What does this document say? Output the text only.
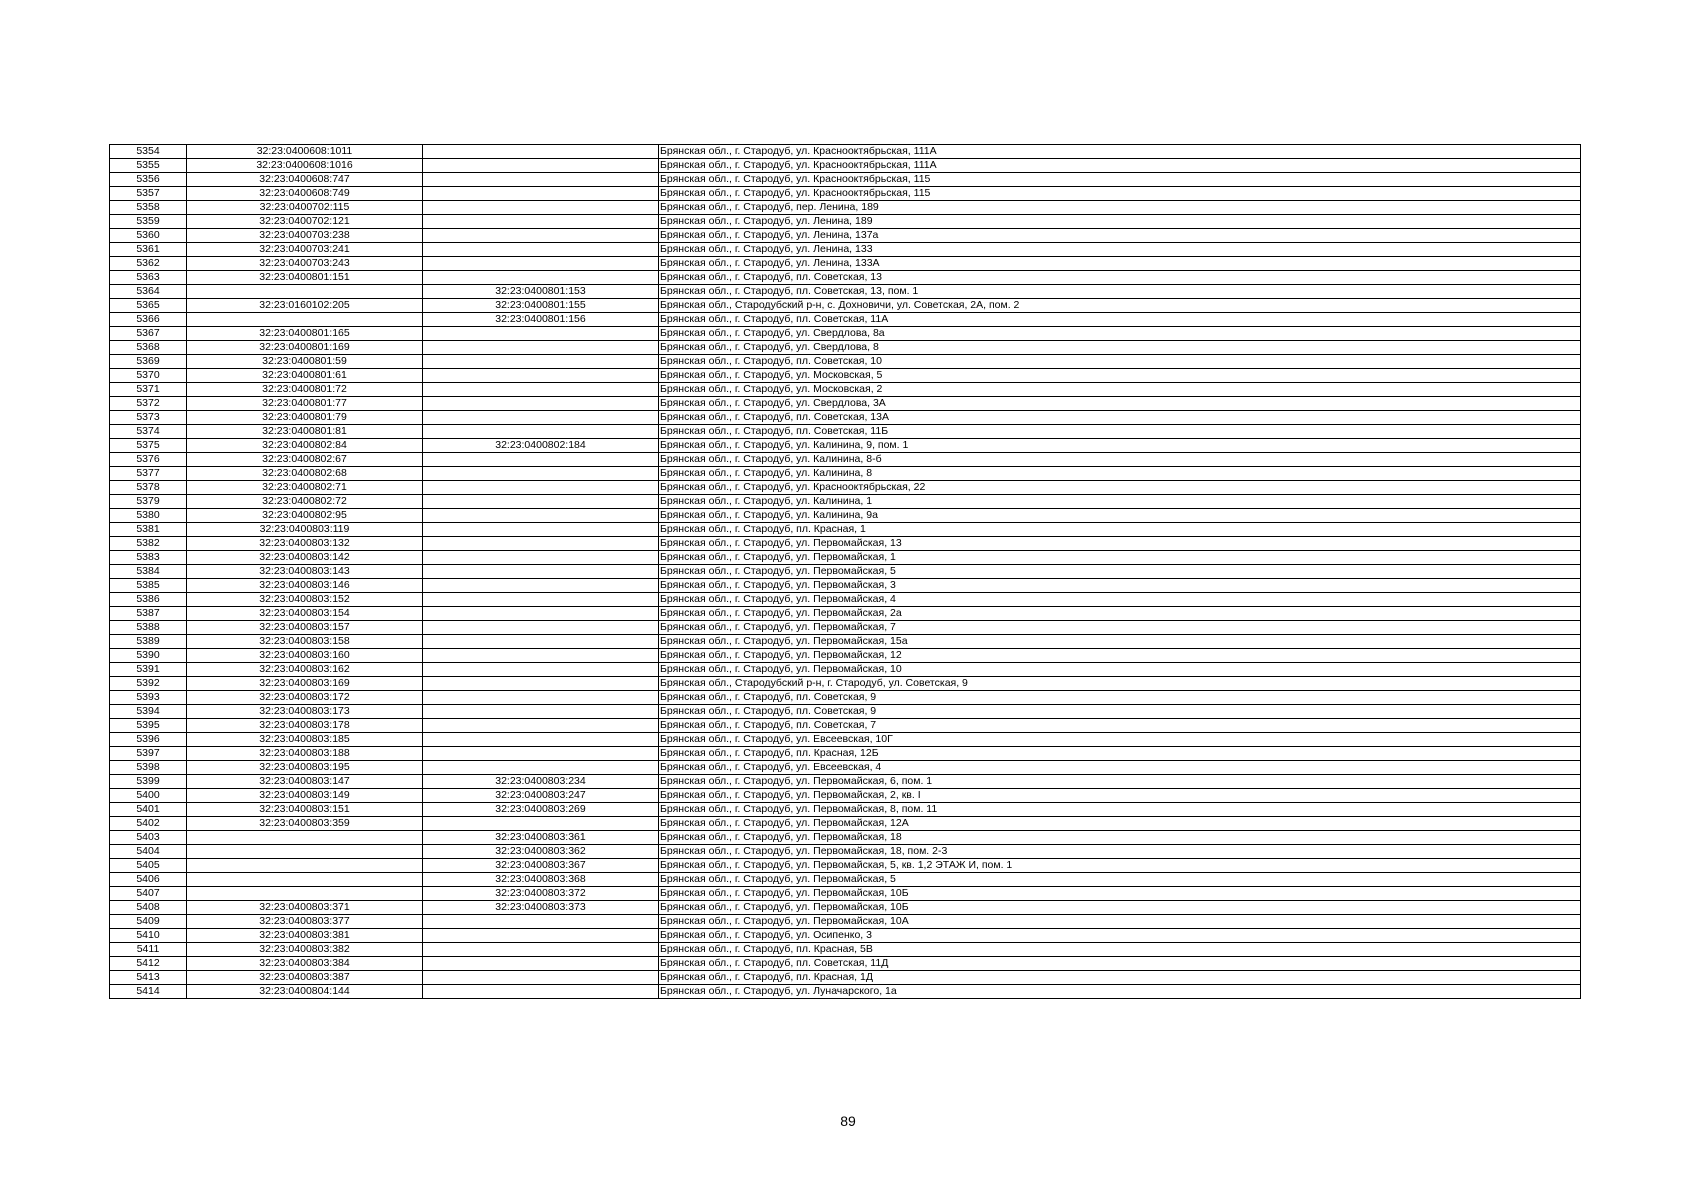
5354	32:23:0400608:1011		Брянская обл., г. Стародуб, ул. Краснооктябрьская, 111А
5355	32:23:0400608:1016		Брянская обл., г. Стародуб, ул. Краснооктябрьская, 111А
5356	32:23:0400608:747		Брянская обл., г. Стародуб, ул. Краснооктябрьская, 115
5357	32:23:0400608:749		Брянская обл., г. Стародуб, ул. Краснооктябрьская, 115
5358	32:23:0400702:115		Брянская обл., г. Стародуб, пер. Ленина, 189
5359	32:23:0400702:121		Брянская обл., г. Стародуб, ул. Ленина, 189
5360	32:23:0400703:238		Брянская обл., г. Стародуб, ул. Ленина, 137а
5361	32:23:0400703:241		Брянская обл., г. Стародуб, ул. Ленина, 133
5362	32:23:0400703:243		Брянская обл., г. Стародуб, ул. Ленина, 133А
5363	32:23:0400801:151		Брянская обл., г. Стародуб, пл. Советская, 13
5364		32:23:0400801:153	Брянская обл., г. Стародуб, пл. Советская, 13, пом. 1
5365	32:23:0160102:205	32:23:0400801:155	Брянская обл., Стародубский р-н, с. Дохновичи, ул. Советская, 2А, пом. 2
5366		32:23:0400801:156	Брянская обл., г. Стародуб, пл. Советская, 11А
5367	32:23:0400801:165		Брянская обл., г. Стародуб, ул. Свердлова, 8а
5368	32:23:0400801:169		Брянская обл., г. Стародуб, ул. Свердлова, 8
5369	32:23:0400801:59		Брянская обл., г. Стародуб, пл. Советская, 10
5370	32:23:0400801:61		Брянская обл., г. Стародуб, ул. Московская, 5
5371	32:23:0400801:72		Брянская обл., г. Стародуб, ул. Московская, 2
5372	32:23:0400801:77		Брянская обл., г. Стародуб, ул. Свердлова, 3А
5373	32:23:0400801:79		Брянская обл., г. Стародуб, пл. Советская, 13А
5374	32:23:0400801:81		Брянская обл., г. Стародуб, пл. Советская, 11Б
5375	32:23:0400802:84	32:23:0400802:184	Брянская обл., г. Стародуб, ул. Калинина, 9, пом. 1
5376	32:23:0400802:67		Брянская обл., г. Стародуб, ул. Калинина, 8-б
5377	32:23:0400802:68		Брянская обл., г. Стародуб, ул. Калинина, 8
5378	32:23:0400802:71		Брянская обл., г. Стародуб, ул. Краснооктябрьская, 22
5379	32:23:0400802:72		Брянская обл., г. Стародуб, ул. Калинина, 1
5380	32:23:0400802:95		Брянская обл., г. Стародуб, ул. Калинина, 9а
5381	32:23:0400803:119		Брянская обл., г. Стародуб, пл. Красная, 1
5382	32:23:0400803:132		Брянская обл., г. Стародуб, ул. Первомайская, 13
5383	32:23:0400803:142		Брянская обл., г. Стародуб, ул. Первомайская, 1
5384	32:23:0400803:143		Брянская обл., г. Стародуб, ул. Первомайская, 5
5385	32:23:0400803:146		Брянская обл., г. Стародуб, ул. Первомайская, 3
5386	32:23:0400803:152		Брянская обл., г. Стародуб, ул. Первомайская, 4
5387	32:23:0400803:154		Брянская обл., г. Стародуб, ул. Первомайская, 2а
5388	32:23:0400803:157		Брянская обл., г. Стародуб, ул. Первомайская, 7
5389	32:23:0400803:158		Брянская обл., г. Стародуб, ул. Первомайская, 15а
5390	32:23:0400803:160		Брянская обл., г. Стародуб, ул. Первомайская, 12
5391	32:23:0400803:162		Брянская обл., г. Стародуб, ул. Первомайская, 10
5392	32:23:0400803:169		Брянская обл., Стародубский р-н, г. Стародуб, ул. Советская, 9
5393	32:23:0400803:172		Брянская обл., г. Стародуб, пл. Советская, 9
5394	32:23:0400803:173		Брянская обл., г. Стародуб, пл. Советская, 9
5395	32:23:0400803:178		Брянская обл., г. Стародуб, пл. Советская, 7
5396	32:23:0400803:185		Брянская обл., г. Стародуб, ул. Евсеевская, 10Г
5397	32:23:0400803:188		Брянская обл., г. Стародуб, пл. Красная, 12Б
5398	32:23:0400803:195		Брянская обл., г. Стародуб, ул. Евсеевская, 4
5399	32:23:0400803:147	32:23:0400803:234	Брянская обл., г. Стародуб, ул. Первомайская, 6, пом. 1
5400	32:23:0400803:149	32:23:0400803:247	Брянская обл., г. Стародуб, ул. Первомайская, 2, кв. I
5401	32:23:0400803:151	32:23:0400803:269	Брянская обл., г. Стародуб, ул. Первомайская, 8, пом. 11
5402	32:23:0400803:359		Брянская обл., г. Стародуб, ул. Первомайская, 12А
5403		32:23:0400803:361	Брянская обл., г. Стародуб, ул. Первомайская, 18
5404		32:23:0400803:362	Брянская обл., г. Стародуб, ул. Первомайская, 18, пом. 2-3
5405		32:23:0400803:367	Брянская обл., г. Стародуб, ул. Первомайская, 5, кв. 1,2 ЭТАЖ И, пом. 1
5406		32:23:0400803:368	Брянская обл., г. Стародуб, ул. Первомайская, 5
5407		32:23:0400803:372	Брянская обл., г. Стародуб, ул. Первомайская, 10Б
5408	32:23:0400803:371	32:23:0400803:373	Брянская обл., г. Стародуб, ул. Первомайская, 10Б
5409	32:23:0400803:377		Брянская обл., г. Стародуб, ул. Первомайская, 10А
5410	32:23:0400803:381		Брянская обл., г. Стародуб, ул. Осипенко, 3
5411	32:23:0400803:382		Брянская обл., г. Стародуб, пл. Красная, 5В
5412	32:23:0400803:384		Брянская обл., г. Стародуб, пл. Советская, 11Д
5413	32:23:0400803:387		Брянская обл., г. Стародуб, пл. Красная, 1Д
5414	32:23:0400804:144		Брянская обл., г. Стародуб, ул. Луначарского, 1а
89
